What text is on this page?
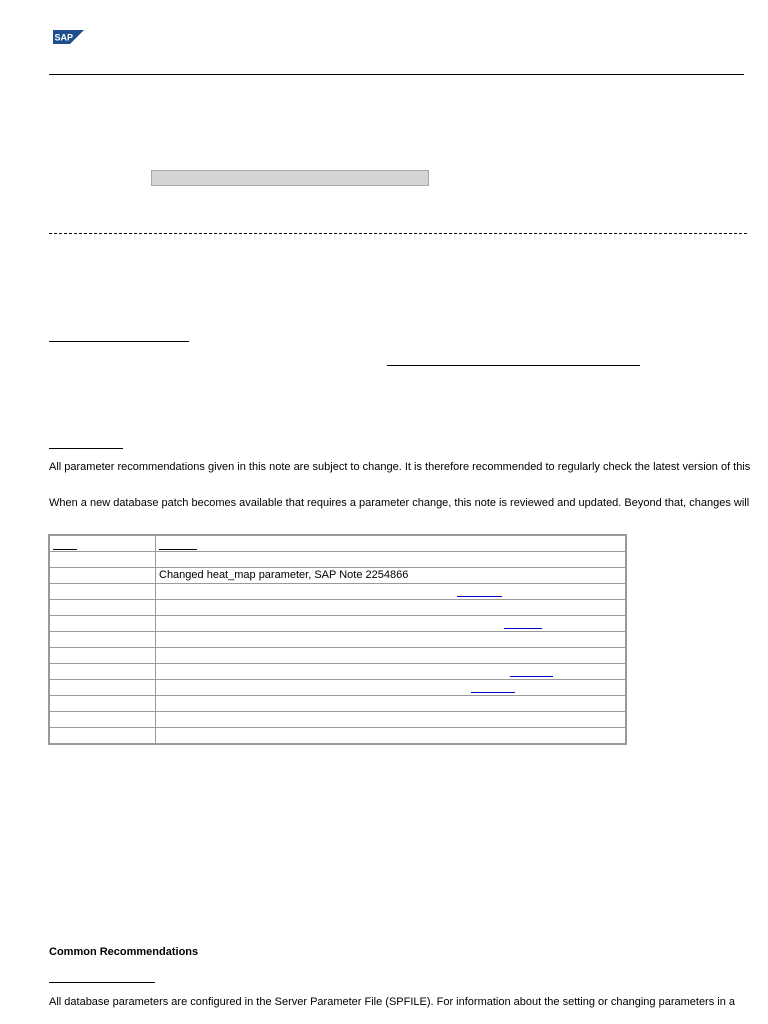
SAP
All parameter recommendations given in this note are subject to change. It is therefore recommended to regularly check the latest version of this
When a new database patch becomes available that requires a parameter change, this note is reviewed and updated. Beyond that, changes will

	Changed heat_map parameter, SAP Note 2254866

Common Recommendations
All database parameters are configured in the Server Parameter File (SPFILE). For information about the setting or changing parameters in a
